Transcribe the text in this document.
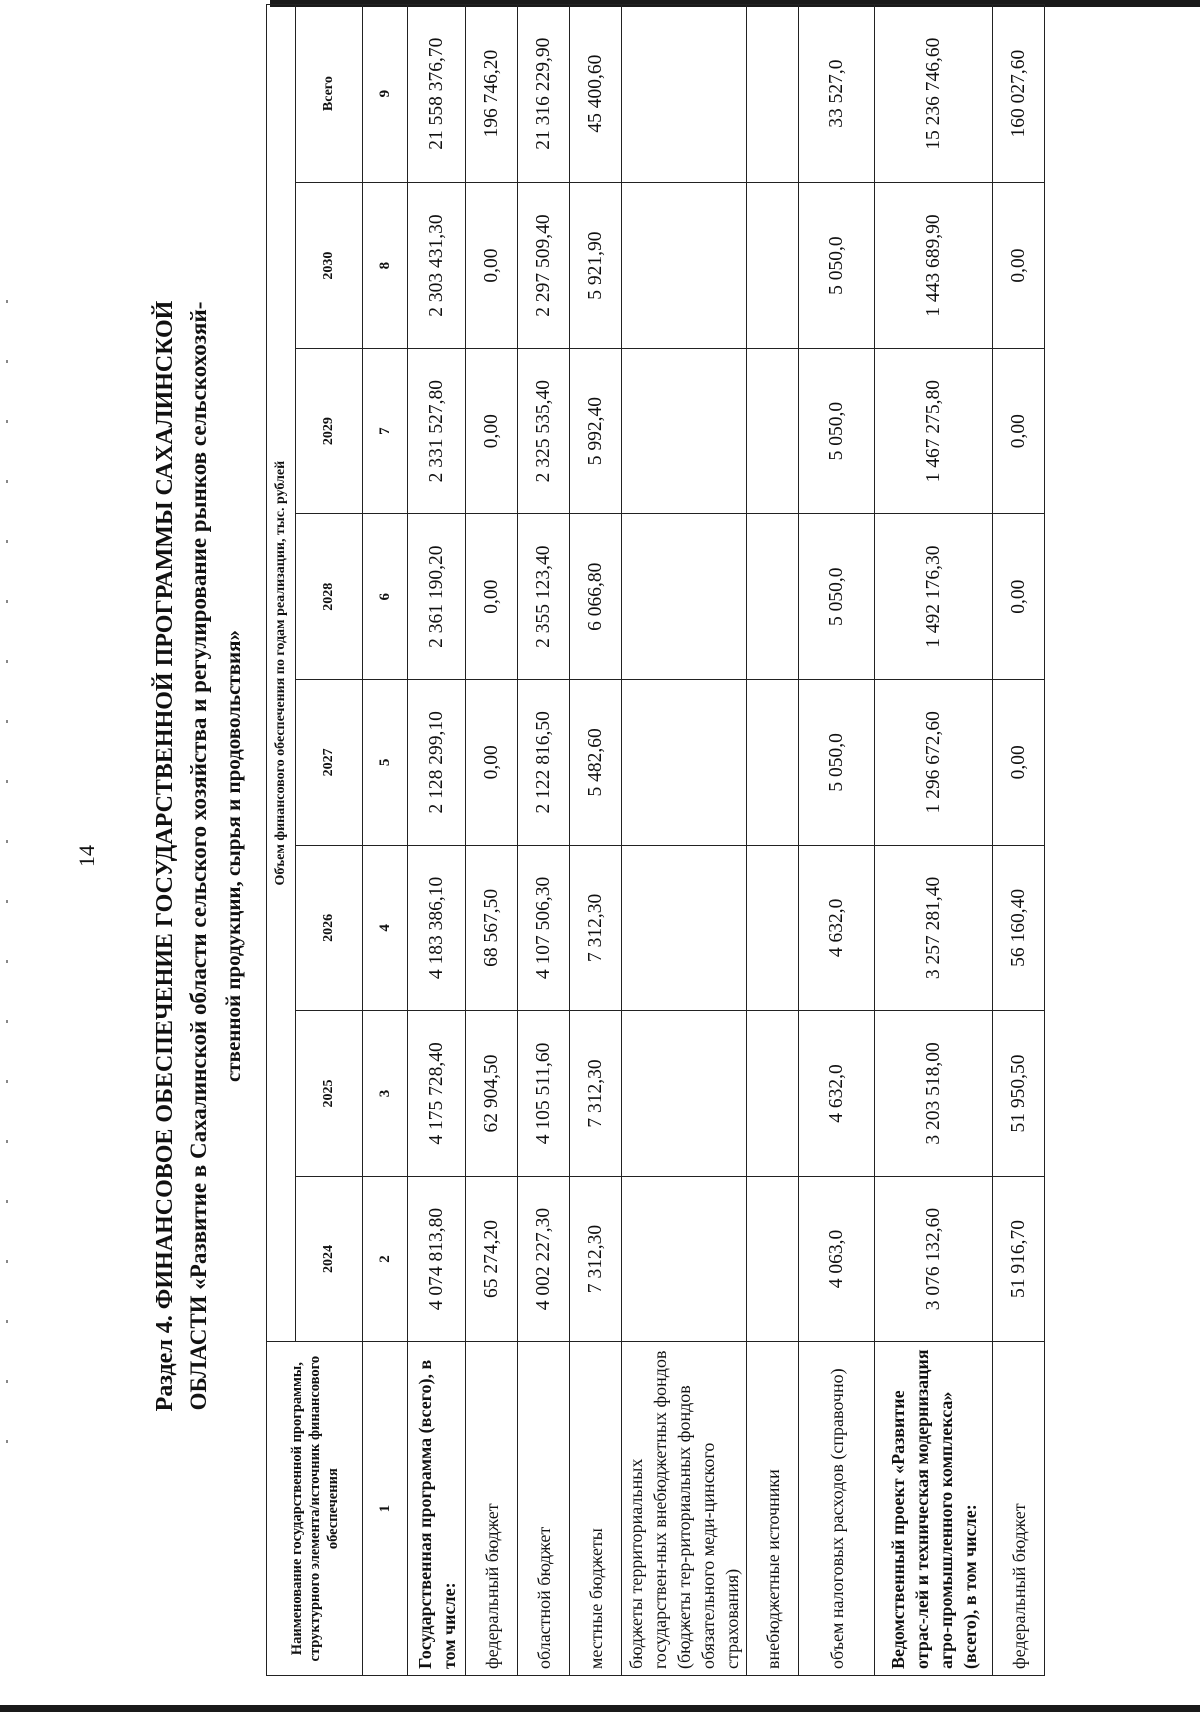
14 Раздел 4. ФИНАНСОВОЕ ОБЕСПЕЧЕНИЕ ГОСУДАРСТВЕННОЙ ПРОГРАММЫ САХАЛИНСКОЙ ОБЛАСТИ «Развитие в Сахалинской области сельского хозяйства и регулирование рынков сельскохозяй- ственной продукции, сырья и продовольствия»
Наименование государственной программы, структурного элемента/источник финансового обеспечения	Объем финансового обеспечения по годам реализации, тыс. рублей							
	2024	2025	2026	2027	2028	2029	2030	Всего
1	2	3	4	5	6	7	8	9
Государственная программа (всего), в том числе:	4 074 813,80	4 175 728,40	4 183 386,10	2 128 299,10	2 361 190,20	2 331 527,80	2 303 431,30	21 558 376,70
федеральный бюджет	65 274,20	62 904,50	68 567,50	0,00	0,00	0,00	0,00	196 746,20
областной бюджет	4 002 227,30	4 105 511,60	4 107 506,30	2 122 816,50	2 355 123,40	2 325 535,40	2 297 509,40	21 316 229,90
местные бюджеты	7 312,30	7 312,30	7 312,30	5 482,60	6 066,80	5 992,40	5 921,90	45 400,60
бюджеты территориальных государствен-ных внебюджетных фондов (бюджеты тер-риториальных фондов обязательного меди-цинского страхования)								
внебюджетные источники								
объем налоговых расходов (справочно)	4 063,0	4 632,0	4 632,0	5 050,0	5 050,0	5 050,0	5 050,0	33 527,0
Ведомственный проект «Развитие отрас-лей и техническая модернизация агро-промышленного комплекса» (всего), в том числе:	3 076 132,60	3 203 518,00	3 257 281,40	1 296 672,60	1 492 176,30	1 467 275,80	1 443 689,90	15 236 746,60
федеральный бюджет	51 916,70	51 950,50	56 160,40	0,00	0,00	0,00	0,00	160 027,60
